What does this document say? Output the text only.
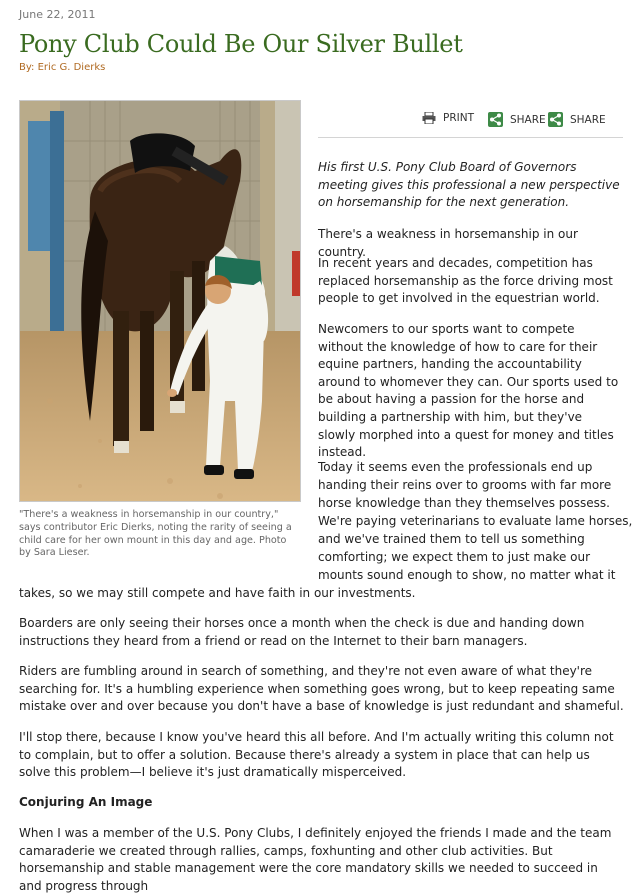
June 22, 2011
Pony Club Could Be Our Silver Bullet
By: Eric G. Dierks
"There's a weakness in horsemanship in our country," says contributor Eric Dierks, noting the rarity of seeing a child care for her own mount in this day and age. Photo by Sara Lieser.
PRINT	SHARE SHARE

His first U.S. Pony Club Board of Governors meeting gives this professional a new perspective on horsemanship for the next generation.

There's a weakness in horsemanship in our country.

In recent years and decades, competition has replaced horsemanship as the force driving most people to get involved in the equestrian world.

Newcomers to our sports want to compete without the knowledge of how to care for their equine partners, handing the accountability around to whomever they can. Our sports used to be about having a passion for the horse and building a partnership with him, but they've slowly morphed into a quest for money and titles instead.

Today it seems even the professionals end up
handing their reins over to grooms with far more
horse knowledge than they themselves possess.
We're paying veterinarians to evaluate lame horses,
and we've trained them to tell us something
comforting; we expect them to just make our
mounts sound enough to show, no matter what it
takes, so we may still compete and have faith in our investments.

Boarders are only seeing their horses once a month when the check is due and handing down instructions they heard from a friend or read on the Internet to their barn managers.

Riders are fumbling around in search of something, and they're not even aware of what they're searching for. It's a humbling experience when something goes wrong, but to keep repeating same mistake over and over because you don't have a base of knowledge is just redundant and shameful.

I'll stop there, because I know you've heard this all before. And I'm actually writing this column not to complain, but to offer a solution. Because there's already a system in place that can help us solve this problem—I believe it's just dramatically misperceived.

Conjuring An Image

When I was a member of the U.S. Pony Clubs, I definitely enjoyed the friends I made and the team camaraderie we created through rallies, camps, foxhunting and other club activities. But horsemanship and stable management were the core mandatory skills we needed to succeed in and progress through
